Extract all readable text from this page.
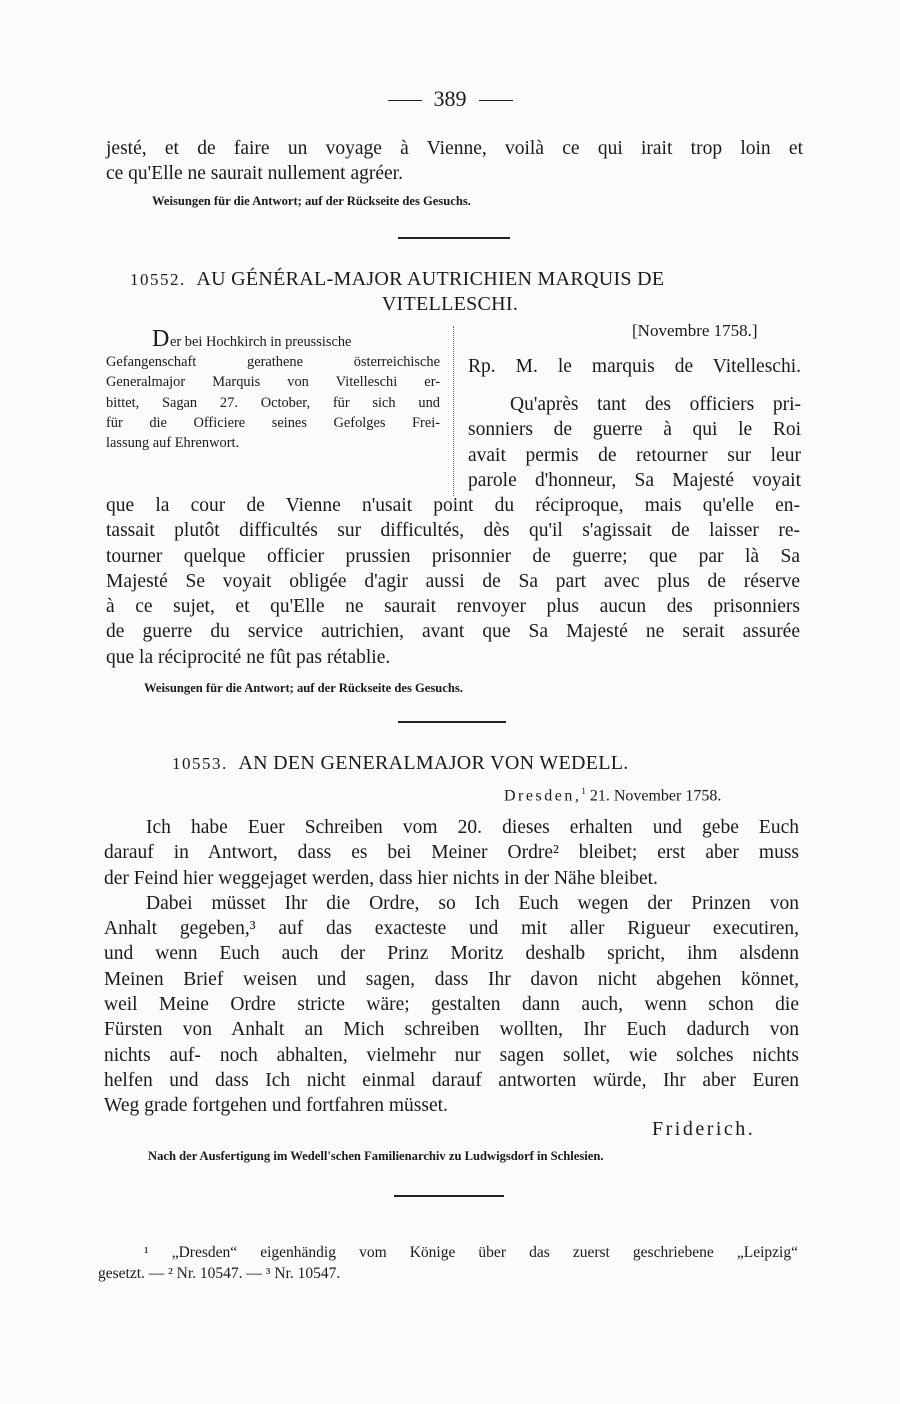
389
jesté, et de faire un voyage à Vienne, voilà ce qui irait trop loin et
ce qu'Elle ne saurait nullement agréer.
Weisungen für die Antwort; auf der Rückseite des Gesuchs.
10552. AU GÉNÉRAL-MAJOR AUTRICHIEN MARQUIS DE
VITELLESCHI.
D er bei Hochkirch in preussische
Gefangenschaft gerathene österreichische
Generalmajor Marquis von Vitelleschi er-
bittet, Sagan 27. October, für sich und
für die Officiere seines Gefolges Frei-
lassung auf Ehrenwort.
[Novembre 1758.]
Rp. M. le marquis de Vitelleschi.
Qu'après tant des officiers pri-
sonniers de guerre à qui le Roi
avait permis de retourner sur leur
parole d'honneur, Sa Majesté voyait
que la cour de Vienne n'usait point du réciproque, mais qu'elle en-
tassait plutôt difficultés sur difficultés, dès qu'il s'agissait de laisser re-
tourner quelque officier prussien prisonnier de guerre; que par là Sa
Majesté Se voyait obligée d'agir aussi de Sa part avec plus de réserve
à ce sujet, et qu'Elle ne saurait renvoyer plus aucun des prisonniers
de guerre du service autrichien, avant que Sa Majesté ne serait assurée
que la réciprocité ne fût pas rétablie.
Weisungen für die Antwort; auf der Rückseite des Gesuchs.
10553. AN DEN GENERALMAJOR VON WEDELL.
Dresden,$^1$ 21. November 1758.
Ich habe Euer Schreiben vom 20. dieses erhalten und gebe Euch
darauf in Antwort, dass es bei Meiner Ordre² bleibet; erst aber muss
der Feind hier weggejaget werden, dass hier nichts in der Nähe bleibet.
Dabei müsset Ihr die Ordre, so Ich Euch wegen der Prinzen von
Anhalt gegeben,³ auf das exacteste und mit aller Rigueur executiren,
und wenn Euch auch der Prinz Moritz deshalb spricht, ihm alsdenn
Meinen Brief weisen und sagen, dass Ihr davon nicht abgehen könnet,
weil Meine Ordre stricte wäre; gestalten dann auch, wenn schon die
Fürsten von Anhalt an Mich schreiben wollten, Ihr Euch dadurch von
nichts auf- noch abhalten, vielmehr nur sagen sollet, wie solches nichts
helfen und dass Ich nicht einmal darauf antworten würde, Ihr aber Euren
Weg grade fortgehen und fortfahren müsset.
Friderich.
Nach der Ausfertigung im Wedell'schen Familienarchiv zu Ludwigsdorf in Schlesien.
¹ „Dresden“ eigenhändig vom Könige über das zuerst geschriebene „Leipzig“
gesetzt. — ² Nr. 10547. — ³ Nr. 10547.
